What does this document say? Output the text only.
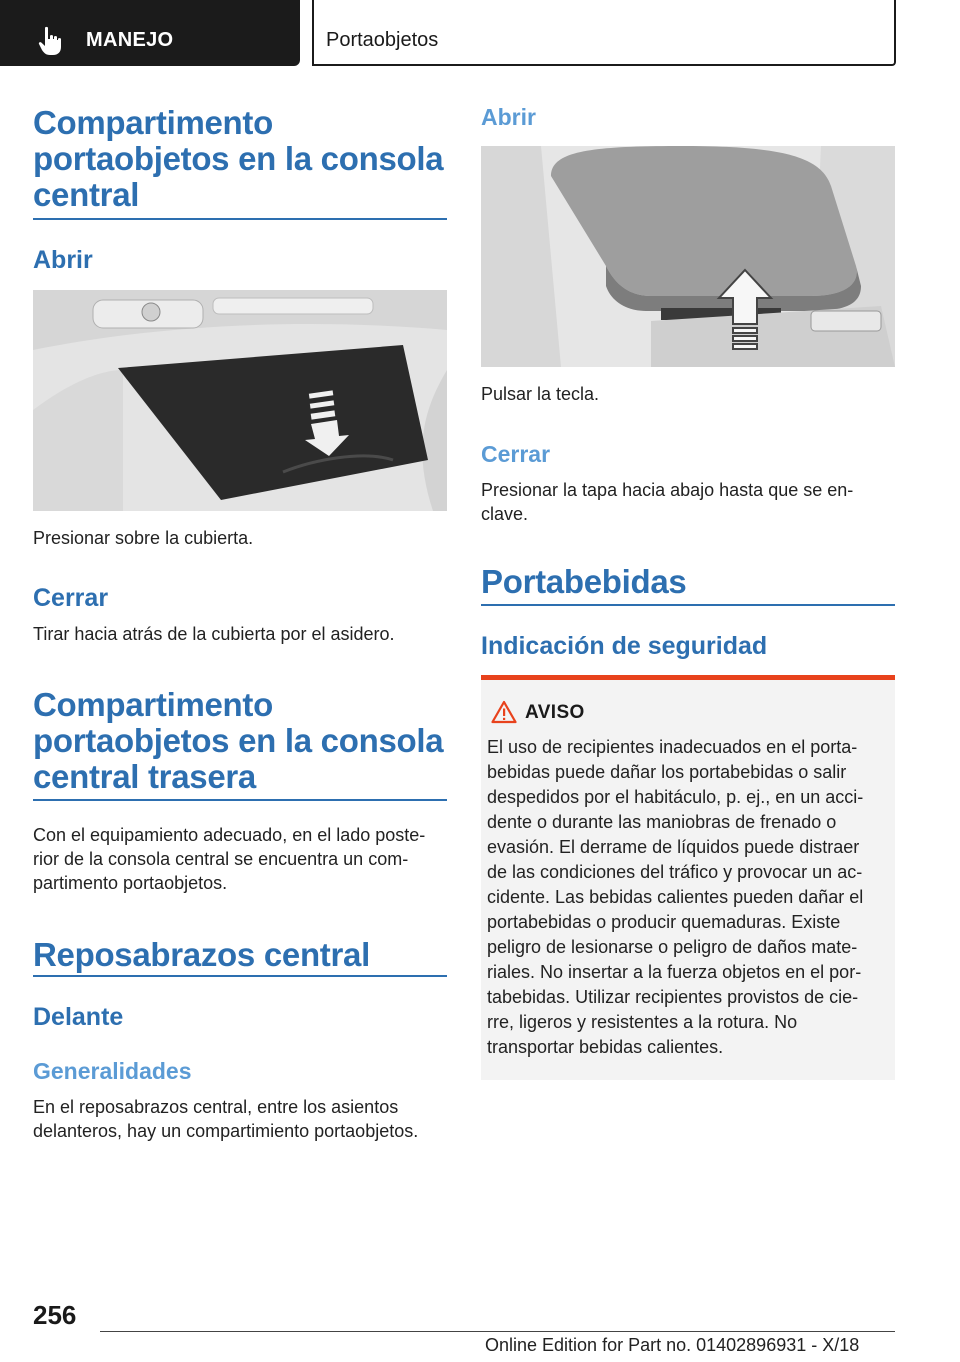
MANEJO	Portaobjetos
Compartimento
portaobjetos en la consola
central
Abrir
Presionar sobre la cubierta.
Cerrar
Tirar hacia atrás de la cubierta por el asidero.
Compartimento
portaobjetos en la consola
central trasera
Con el equipamiento adecuado, en el lado poste-
rior de la consola central se encuentra un com-
partimento portaobjetos.
Reposabrazos central
Delante
Generalidades
En el reposabrazos central, entre los asientos
delanteros, hay un compartimiento portaobjetos.
Abrir
Pulsar la tecla.
Cerrar
Presionar la tapa hacia abajo hasta que se en-
clave.
Portabebidas
Indicación de seguridad
AVISO
El uso de recipientes inadecuados en el porta-
bebidas puede dañar los portabebidas o salir
despedidos por el habitáculo, p. ej., en un acci-
dente o durante las maniobras de frenado o
evasión. El derrame de líquidos puede distraer
de las condiciones del tráfico y provocar un ac-
cidente. Las bebidas calientes pueden dañar el
portabebidas o producir quemaduras. Existe
peligro de lesionarse o peligro de daños mate-
riales. No insertar a la fuerza objetos en el por-
tabebidas. Utilizar recipientes provistos de cie-
rre, ligeros y resistentes a la rotura. No
transportar bebidas calientes.
256
Online Edition for Part no. 01402896931 - X/18
